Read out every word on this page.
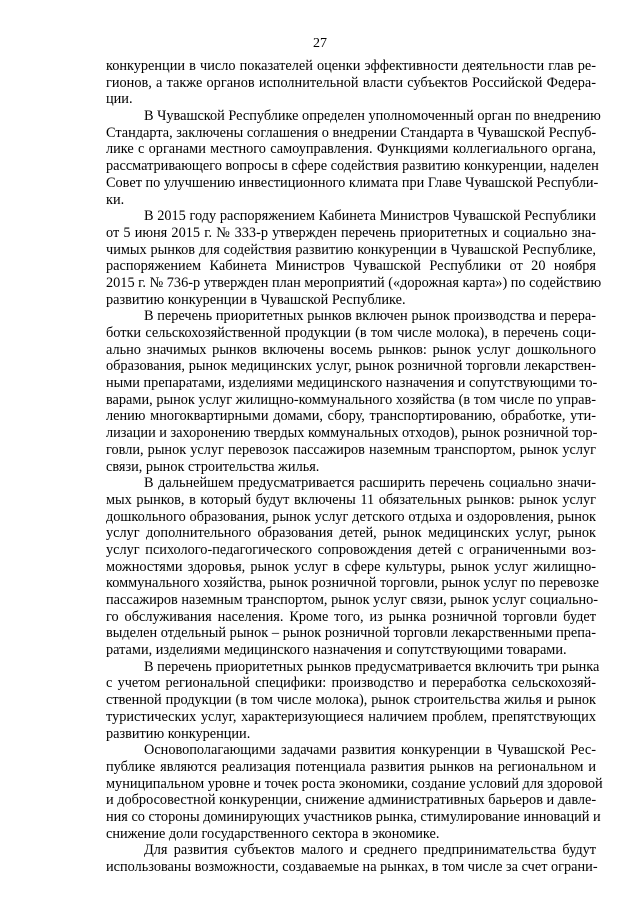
27
конкуренции в число показателей оценки эффективности деятельности глав ре-
гионов, а также органов исполнительной власти субъектов Российской Федера-
ции.
В Чувашской Республике определен уполномоченный орган по внедрению
Стандарта, заключены соглашения о внедрении Стандарта в Чувашской Респуб-
лике с органами местного самоуправления. Функциями коллегиального органа,
рассматривающего вопросы в сфере содействия развитию конкуренции, наделен
Совет по улучшению инвестиционного климата при Главе Чувашской Республи-
ки.
В 2015 году распоряжением Кабинета Министров Чувашской Республики
от 5 июня 2015 г. № 333-р утвержден перечень приоритетных и социально зна-
чимых рынков для содействия развитию конкуренции в Чувашской Республике,
распоряжением Кабинета Министров Чувашской Республики от 20 ноября
2015 г. № 736-р утвержден план мероприятий («дорожная карта») по содействию
развитию конкуренции в Чувашской Республике.
В перечень приоритетных рынков включен рынок производства и перера-
ботки сельскохозяйственной продукции (в том числе молока), в перечень соци-
ально значимых рынков включены восемь рынков: рынок услуг дошкольного
образования, рынок медицинских услуг, рынок розничной торговли лекарствен-
ными препаратами, изделиями медицинского назначения и сопутствующими то-
варами, рынок услуг жилищно-коммунального хозяйства (в том числе по управ-
лению многоквартирными домами, сбору, транспортированию, обработке, ути-
лизации и захоронению твердых коммунальных отходов), рынок розничной тор-
говли, рынок услуг перевозок пассажиров наземным транспортом, рынок услуг
связи, рынок строительства жилья.
В дальнейшем предусматривается расширить перечень социально значи-
мых рынков, в который будут включены 11 обязательных рынков: рынок услуг
дошкольного образования, рынок услуг детского отдыха и оздоровления, рынок
услуг дополнительного образования детей, рынок медицинских услуг, рынок
услуг психолого-педагогического сопровождения детей с ограниченными воз-
можностями здоровья, рынок услуг в сфере культуры, рынок услуг жилищно-
коммунального хозяйства, рынок розничной торговли, рынок услуг по перевозке
пассажиров наземным транспортом, рынок услуг связи, рынок услуг социально-
го обслуживания населения. Кроме того, из рынка розничной торговли будет
выделен отдельный рынок – рынок розничной торговли лекарственными препа-
ратами, изделиями медицинского назначения и сопутствующими товарами.
В перечень приоритетных рынков предусматривается включить три рынка
с учетом региональной специфики: производство и переработка сельскохозяй-
ственной продукции (в том числе молока), рынок строительства жилья и рынок
туристических услуг, характеризующиеся наличием проблем, препятствующих
развитию конкуренции.
Основополагающими задачами развития конкуренции в Чувашской Рес-
публике являются реализация потенциала развития рынков на региональном и
муниципальном уровне и точек роста экономики, создание условий для здоровой
и добросовестной конкуренции, снижение административных барьеров и давле-
ния со стороны доминирующих участников рынка, стимулирование инноваций и
снижение доли государственного сектора в экономике.
Для развития субъектов малого и среднего предпринимательства будут
использованы возможности, создаваемые на рынках, в том числе за счет ограни-
